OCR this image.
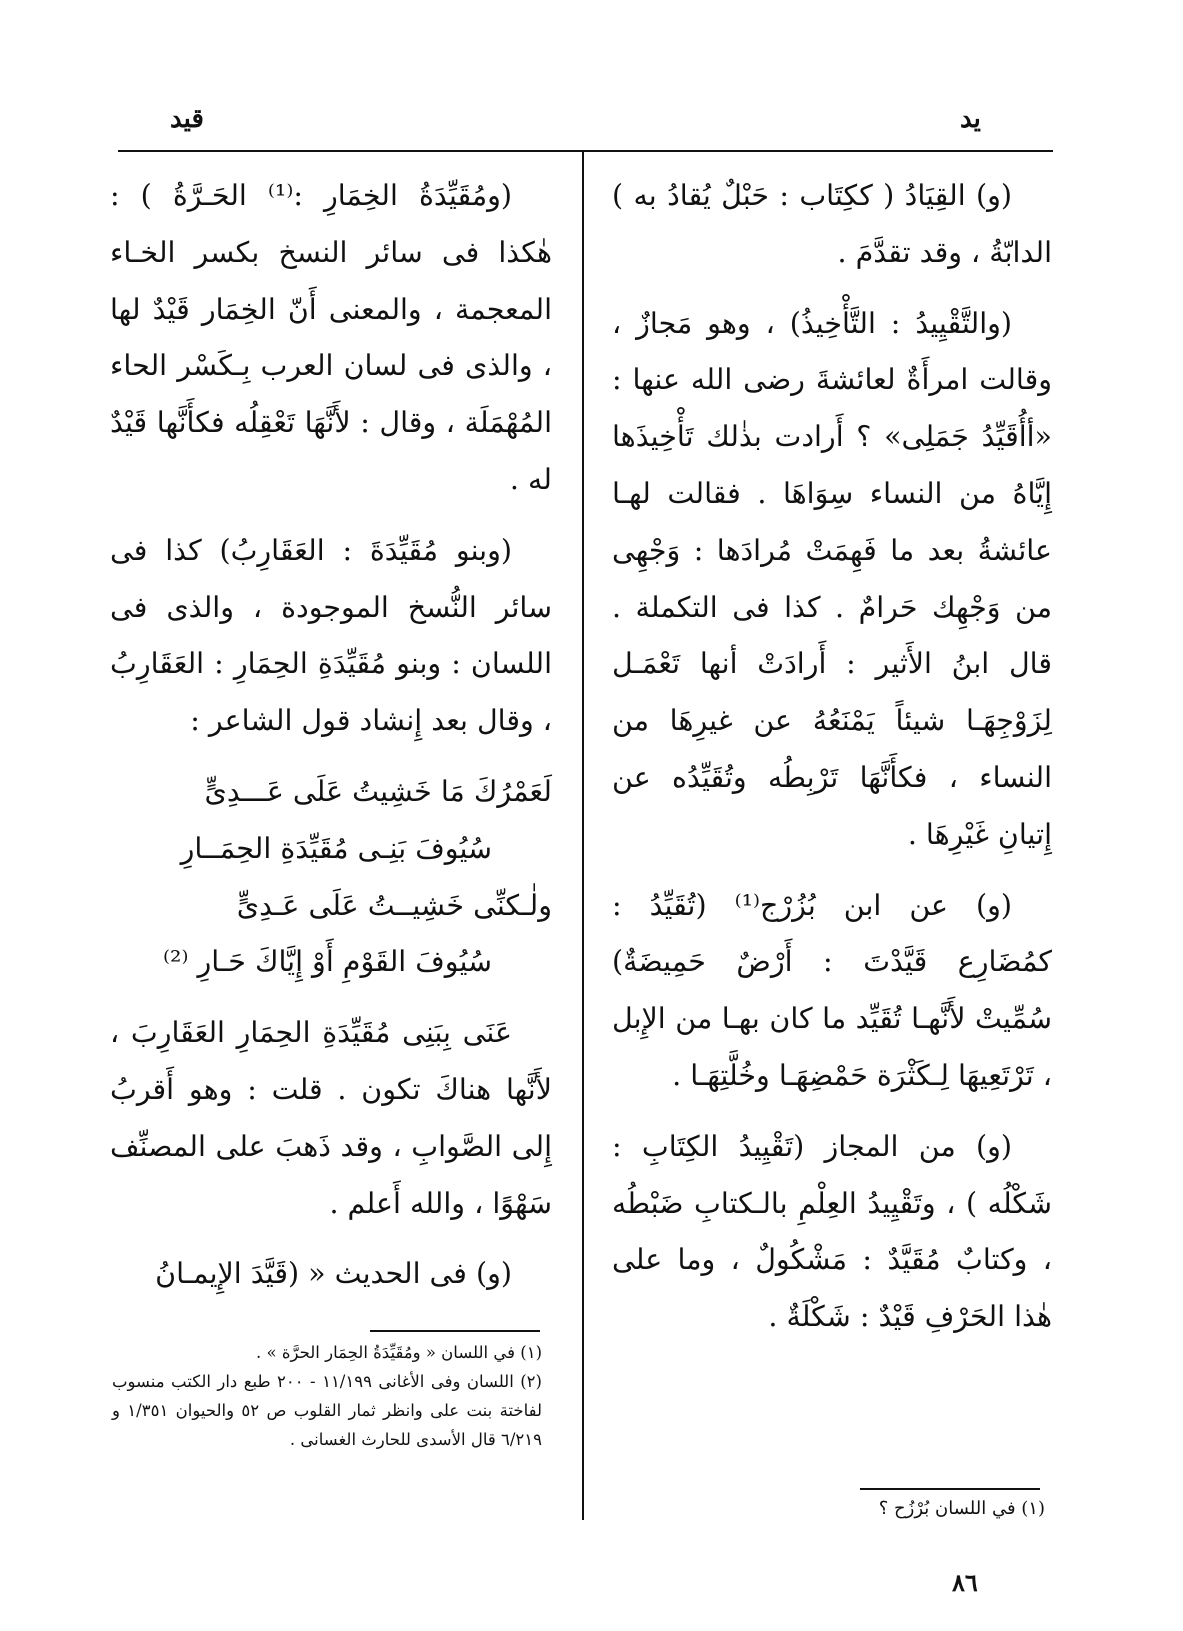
قيد	يد

(و) القِيَادُ ( ككِتَاب : حَبْلٌ يُقادُ به ) الدابّةُ ، وقد تقدَّمَ .

(والتَّقْيِيدُ : التَّأْخِيذُ) ، وهو مَجازٌ ، وقالت امرأَةٌ لعائشةَ رضى الله عنها : «أأُقَيِّدُ جَمَلِى» ؟ أَرادت بذٰلك تَأْخِيذَها إِيَّاهُ من النساء سِوَاهَا . فقالت لهـا عائشةُ بعد ما فَهِمَتْ مُرادَها : وَجْهِى من وَجْهِك حَرامٌ . كذا فى التكملة . قال ابنُ الأَثير : أَرادَتْ أنها تَعْمَـل لِزَوْجِهَـا شيئاً يَمْنَعُهُ عن غيرِهَا من النساء ، فكأَنَّهَا تَرْبِطُه وتُقَيِّدُه عن إِتيانِ غَيْرِهَا .

(و) عن ابن بُزُرْج⁽¹⁾ (تُقَيِّدُ : كمُضَارِع قَيَّدْتَ : أَرْضٌ حَمِيضَةٌ) سُمِّيتْ لأَنَّهـا تُقَيِّد ما كان بهـا من الإِبل ، تَرْتَعِيهَا لِـكَثْرَة حَمْضِهَـا وخُلَّتِهَـا .

(و) من المجاز (تَقْيِيدُ الكِتَابِ : شَكْلُه ) ، وتَقْيِيدُ العِلْمِ بالـكتابِ ضَبْطُه ، وكتابٌ مُقَيَّدٌ : مَشْكُولٌ ، وما على هٰذا الحَرْفِ قَيْدٌ : شَكْلَةٌ .

(ومُقَيِّدَةُ الخِمَارِ :⁽¹⁾ الحَـرَّةُ ) : هٰكذا فى سائر النسخ بكسر الخـاء المعجمة ، والمعنى أَنّ الخِمَار قَيْدٌ لها ، والذى فى لسان العرب بِـكَسْر الحاء المُهْمَلَة ، وقال : لأَنَّهَا تَعْقِلُه فكأَنَّها قَيْدٌ له .

(وبنو مُقَيِّدَةَ : العَقَارِبُ) كذا فى سائر النُّسخ الموجودة ، والذى فى اللسان : وبنو مُقَيِّدَةِ الحِمَارِ : العَقَارِبُ ، وقال بعد إِنشاد قول الشاعر :

لَعَمْرُكَ مَا خَشِيتُ عَلَى عَـــدِىٍّ
سُيُوفَ بَنِـى مُقَيِّدَةِ الحِمَــارِ
ولٰـكنِّى خَشِيــتُ عَلَى عَـدِىٍّ
سُيُوفَ القَوْمِ أَوْ إِيَّاكَ حَـارِ ⁽²⁾

عَنَى بِبَنِى مُقَيِّدَةِ الحِمَارِ العَقَارِبَ ، لأَنَّها هناكَ تكون . قلت : وهو أَقربُ إِلى الصَّوابِ ، وقد ذَهبَ على المصنِّف سَهْوًا ، والله أَعلم .

(و) فى الحديث « (قَيَّدَ الإِيمـانُ

(١) في اللسان « ومُقَيِّدَةُ الحِمَار الحرَّة » .

(٢) اللسان وفى الأغانى ١١/١٩٩ - ٢٠٠ طبع دار الكتب منسوب لفاختة بنت على وانظر ثمار القلوب ص ٥٢ والحيوان ١/٣٥١ و ٦/٢١٩ قال الأسدى للحارث الغسانى .

(١) في اللسان بُرْزُح ؟

٨٦
